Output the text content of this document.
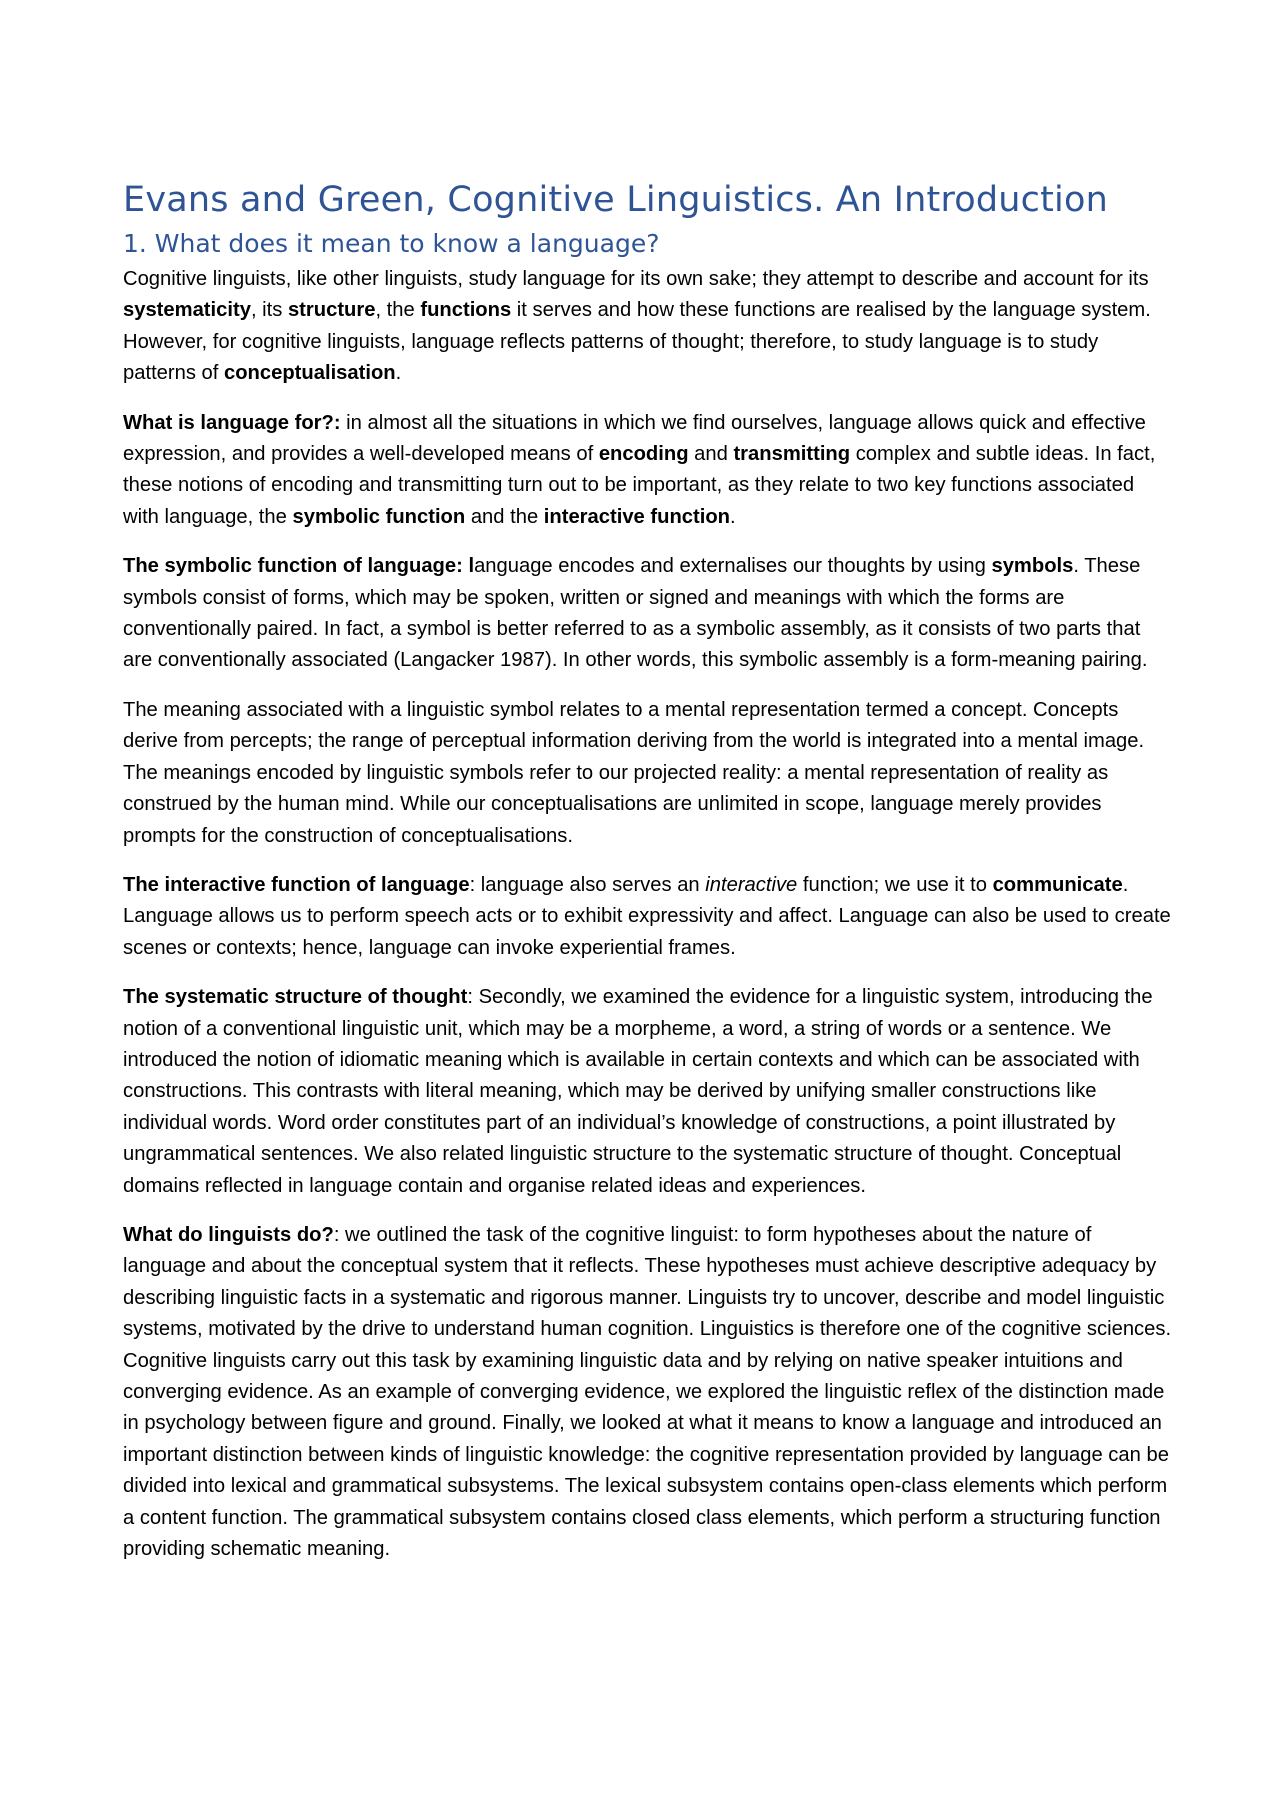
Evans and Green, Cognitive Linguistics. An Introduction
1. What does it mean to know a language?

Cognitive linguists, like other linguists, study language for its own sake; they attempt to describe and account for its systematicity, its structure, the functions it serves and how these functions are realised by the language system. However, for cognitive linguists, language reflects patterns of thought; therefore, to study language is to study patterns of conceptualisation.

What is language for?: in almost all the situations in which we find ourselves, language allows quick and effective expression, and provides a well-developed means of encoding and transmitting complex and subtle ideas. In fact, these notions of encoding and transmitting turn out to be important, as they relate to two key functions associated with language, the symbolic function and the interactive function.

The symbolic function of language: language encodes and externalises our thoughts by using symbols. These symbols consist of forms, which may be spoken, written or signed and meanings with which the forms are conventionally paired. In fact, a symbol is better referred to as a symbolic assembly, as it consists of two parts that are conventionally associated (Langacker 1987). In other words, this symbolic assembly is a form-meaning pairing.

The meaning associated with a linguistic symbol relates to a mental representation termed a concept. Concepts derive from percepts; the range of perceptual information deriving from the world is integrated into a mental image. The meanings encoded by linguistic symbols refer to our projected reality: a mental representation of reality as construed by the human mind. While our conceptualisations are unlimited in scope, language merely provides prompts for the construction of conceptualisations.

The interactive function of language: language also serves an interactive function; we use it to communicate. Language allows us to perform speech acts or to exhibit expressivity and affect. Language can also be used to create scenes or contexts; hence, language can invoke experiential frames.

The systematic structure of thought: Secondly, we examined the evidence for a linguistic system, introducing the notion of a conventional linguistic unit, which may be a morpheme, a word, a string of words or a sentence. We introduced the notion of idiomatic meaning which is available in certain contexts and which can be associated with constructions. This contrasts with literal meaning, which may be derived by unifying smaller constructions like individual words. Word order constitutes part of an individual’s knowledge of constructions, a point illustrated by ungrammatical sentences. We also related linguistic structure to the systematic structure of thought. Conceptual domains reflected in language contain and organise related ideas and experiences.

What do linguists do?: we outlined the task of the cognitive linguist: to form hypotheses about the nature of language and about the conceptual system that it reflects. These hypotheses must achieve descriptive adequacy by describing linguistic facts in a systematic and rigorous manner. Linguists try to uncover, describe and model linguistic systems, motivated by the drive to understand human cognition. Linguistics is therefore one of the cognitive sciences. Cognitive linguists carry out this task by examining linguistic data and by relying on native speaker intuitions and converging evidence. As an example of converging evidence, we explored the linguistic reflex of the distinction made in psychology between figure and ground. Finally, we looked at what it means to know a language and introduced an important distinction between kinds of linguistic knowledge: the cognitive representation provided by language can be divided into lexical and grammatical subsystems. The lexical subsystem contains open-class elements which perform a content function. The grammatical subsystem contains closed class elements, which perform a structuring function providing schematic meaning.
